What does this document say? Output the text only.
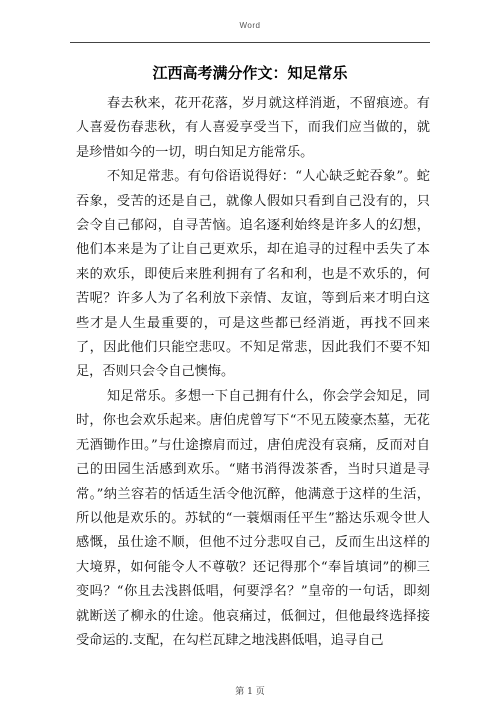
Word
江西高考满分作文：知足常乐

春去秋来，花开花落，岁月就这样消逝，不留痕迹。有人喜爱伤春悲秋，有人喜爱享受当下，而我们应当做的，就是珍惜如今的一切，明白知足方能常乐。

不知足常悲。有句俗语说得好：“人心缺乏蛇吞象”。蛇吞象，受苦的还是自己，就像人假如只看到自己没有的，只会令自己郁闷，自寻苦恼。追名逐利始终是许多人的幻想，他们本来是为了让自己更欢乐，却在追寻的过程中丢失了本来的欢乐，即使后来胜利拥有了名和利，也是不欢乐的，何苦呢？许多人为了名利放下亲情、友谊，等到后来才明白这些才是人生最重要的，可是这些都已经消逝，再找不回来了，因此他们只能空悲叹。不知足常悲，因此我们不要不知足，否则只会令自己懊悔。

知足常乐。多想一下自己拥有什么，你会学会知足，同时，你也会欢乐起来。唐伯虎曾写下“不见五陵豪杰墓，无花无酒锄作田。”与仕途擦肩而过，唐伯虎没有哀痛，反而对自己的田园生活感到欢乐。“赌书消得泼茶香，当时只道是寻常。”纳兰容若的恬适生活令他沉醉，他满意于这样的生活，所以他是欢乐的。苏轼的“一蓑烟雨任平生”豁达乐观令世人感慨，虽仕途不顺，但他不过分悲叹自己，反而生出这样的大境界，如何能令人不尊敬？还记得那个“奉旨填词”的柳三变吗？“你且去浅斟低唱，何要浮名？”皇帝的一句话，即刻就断送了柳永的仕途。他哀痛过，低徊过，但他最终选择接受命运的.支配，在勾栏瓦肆之地浅斟低唱，追寻自己

第 1 页
